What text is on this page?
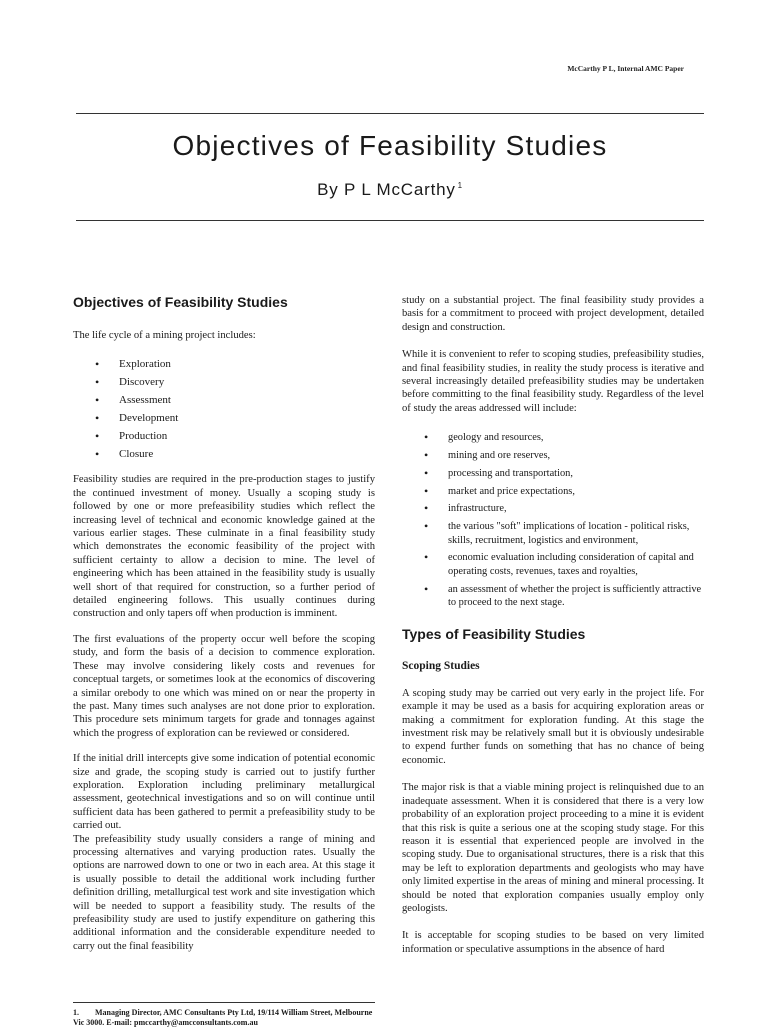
McCarthy P L, Internal AMC Paper
Objectives of Feasibility Studies
By P L McCarthy $^1$
Objectives of Feasibility Studies

The life cycle of a mining project includes:

• Exploration
• Discovery
• Assessment
• Development
• Production
• Closure

Feasibility studies are required in the pre-production stages to justify the continued investment of money. Usually a scoping study is followed by one or more prefeasibility studies which reflect the increasing level of technical and economic knowledge gained at the various earlier stages. These culminate in a final feasibility study which demonstrates the economic feasibility of the project with sufficient certainty to allow a decision to mine. The level of engineering which has been attained in the feasibility study is usually well short of that required for construction, so a further period of detailed engineering follows. This usually continues during construction and only tapers off when production is imminent.

The first evaluations of the property occur well before the scoping study, and form the basis of a decision to commence exploration. These may involve considering likely costs and revenues for conceptual targets, or sometimes look at the economics of discovering a similar orebody to one which was mined on or near the property in the past. Many times such analyses are not done prior to exploration. This procedure sets minimum targets for grade and tonnages against which the progress of exploration can be reviewed or considered.

If the initial drill intercepts give some indication of potential economic size and grade, the scoping study is carried out to justify further exploration. Exploration including preliminary metallurgical assessment, geotechnical investigations and so on will continue until sufficient data has been gathered to permit a prefeasibility study to be carried out.

The prefeasibility study usually considers a range of mining and processing alternatives and varying production rates. Usually the options are narrowed down to one or two in each area. At this stage it is usually possible to detail the additional work including further definition drilling, metallurgical test work and site investigation which will be needed to support a feasibility study. The results of the prefeasibility study are used to justify expenditure on gathering this additional information and the considerable expenditure needed to carry out the final feasibility

study on a substantial project. The final feasibility study provides a basis for a commitment to proceed with project development, detailed design and construction.

While it is convenient to refer to scoping studies, prefeasibility studies, and final feasibility studies, in reality the study process is iterative and several increasingly detailed prefeasibility studies may be undertaken before committing to the final feasibility study. Regardless of the level of study the areas addressed will include:

• geology and resources,
• mining and ore reserves,
• processing and transportation,
• market and price expectations,
• infrastructure,
• the various "soft" implications of location - political risks, skills, recruitment, logistics and environment,
• economic evaluation including consideration of capital and operating costs, revenues, taxes and royalties,
• an assessment of whether the project is sufficiently attractive to proceed to the next stage.
Types of Feasibility Studies
Scoping Studies

A scoping study may be carried out very early in the project life. For example it may be used as a basis for acquiring exploration areas or making a commitment for exploration funding. At this stage the investment risk may be relatively small but it is obviously undesirable to expend further funds on something that has no chance of being economic.

The major risk is that a viable mining project is relinquished due to an inadequate assessment. When it is considered that there is a very low probability of an exploration project proceeding to a mine it is evident that this risk is quite a serious one at the scoping study stage. For this reason it is essential that experienced people are involved in the scoping study. Due to organisational structures, there is a risk that this may be left to exploration departments and geologists who may have only limited expertise in the areas of mining and mineral processing. It should be noted that exploration companies usually employ only geologists.

It is acceptable for scoping studies to be based on very limited information or speculative assumptions in the absence of hard

1. Managing Director, AMC Consultants Pty Ltd, 19/114 William Street, Melbourne Vic 3000. E-mail: pmccarthy@amcconsultants.com.au
